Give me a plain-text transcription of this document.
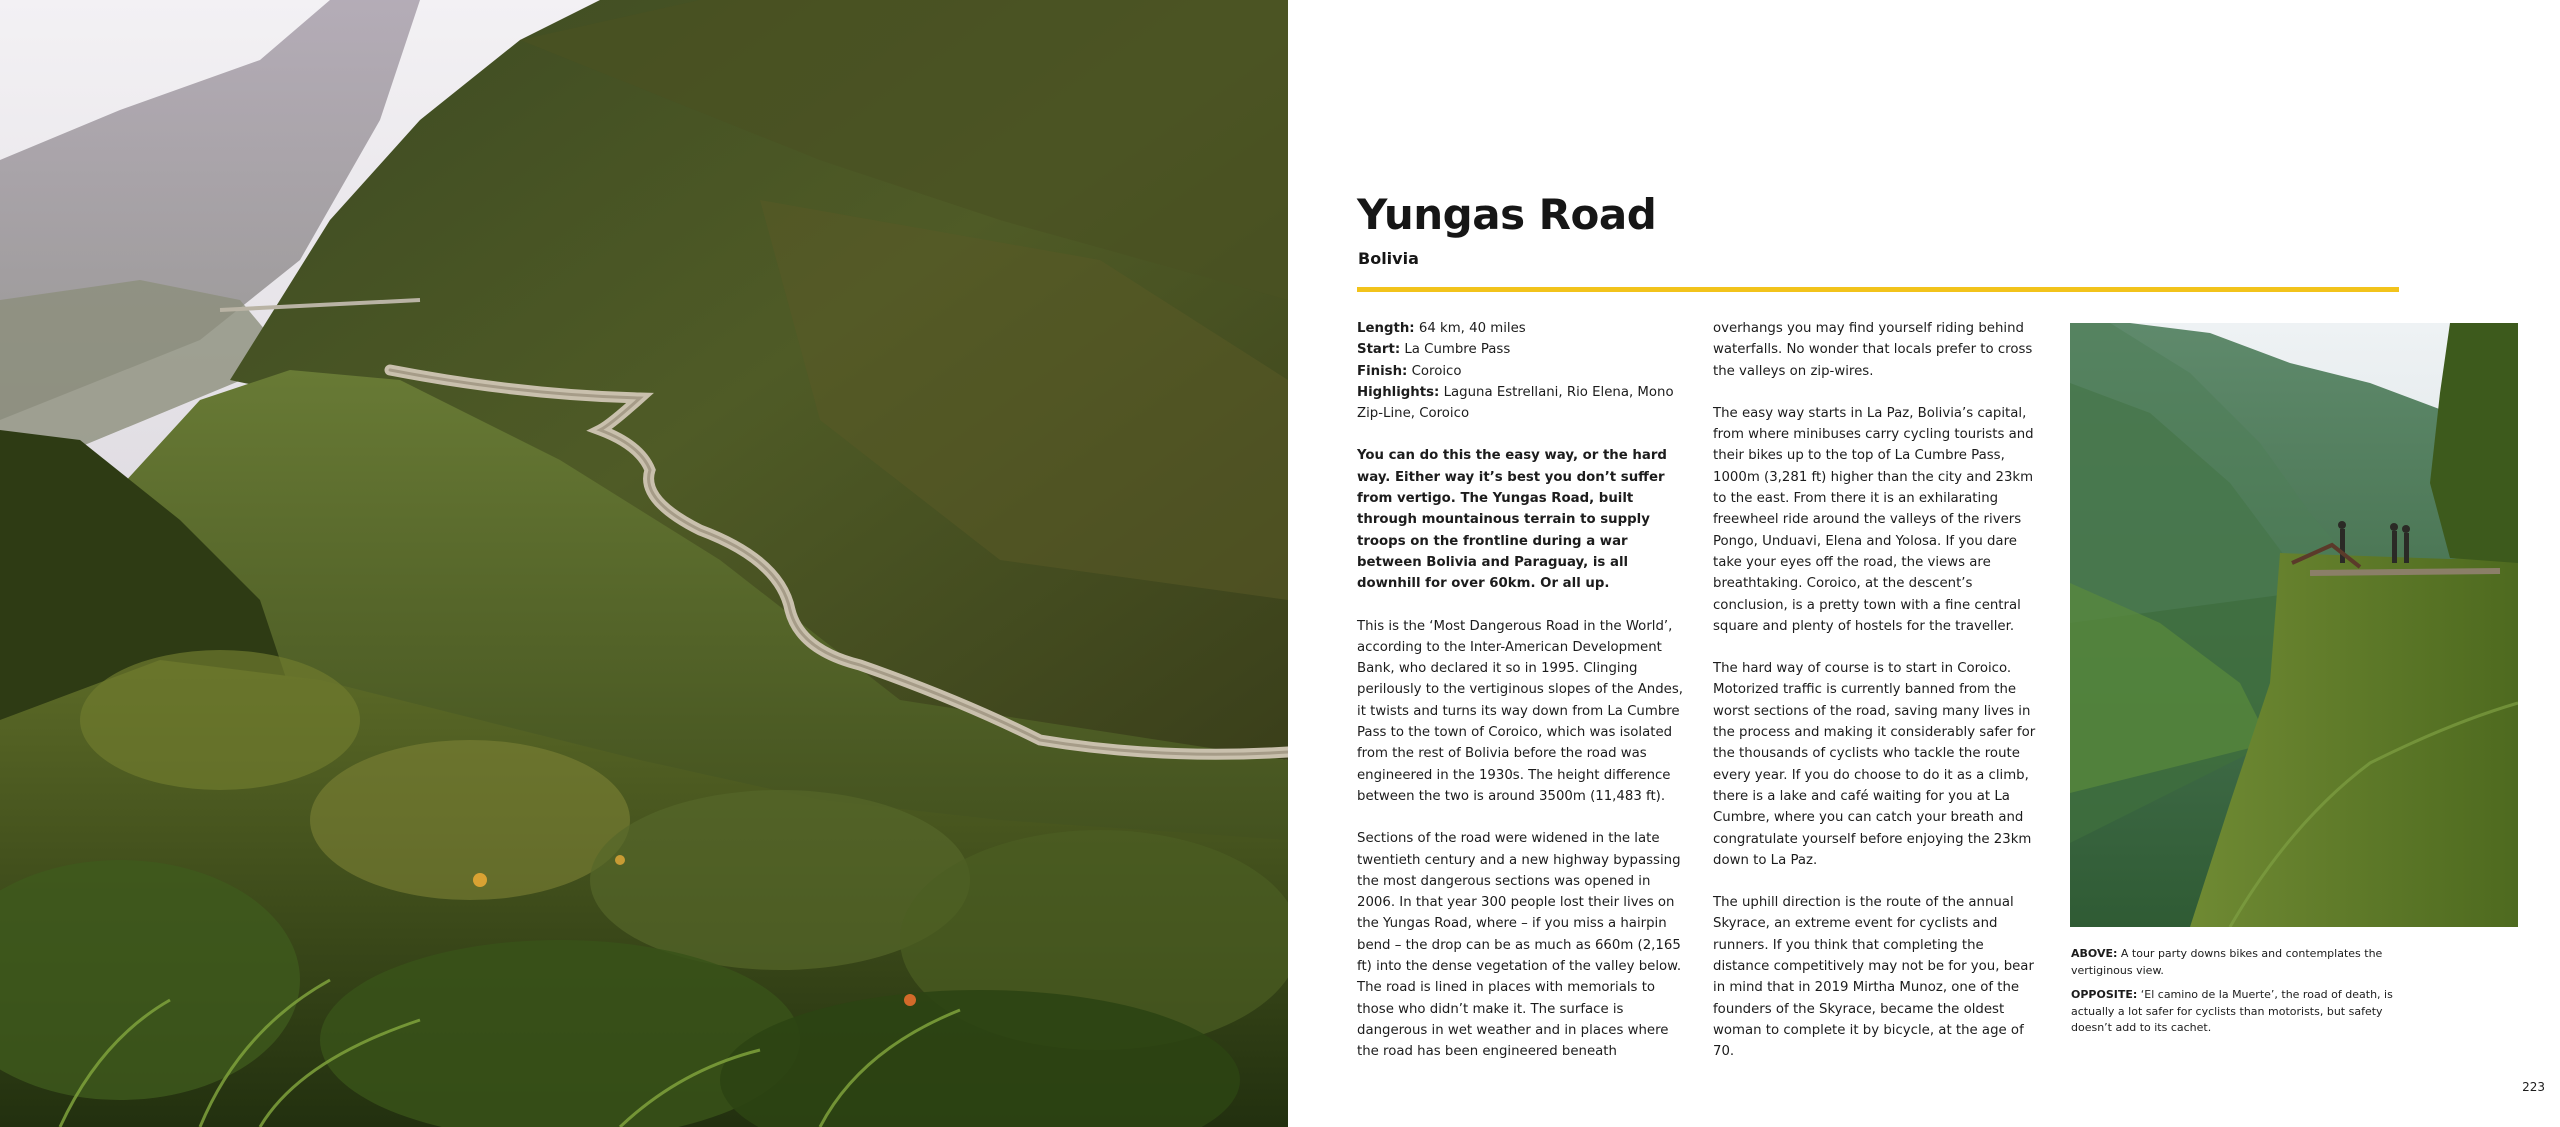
Yungas Road
Bolivia
Length: 64 km, 40 miles
Start: La Cumbre Pass
Finish: Coroico
Highlights: Laguna Estrellani, Rio Elena, Mono Zip-Line, Coroico

You can do this the easy way, or the hard way. Either way it’s best you don’t suffer from vertigo. The Yungas Road, built through mountainous terrain to supply troops on the frontline during a war between Bolivia and Paraguay, is all downhill for over 60km. Or all up.

This is the ‘Most Dangerous Road in the World’, according to the Inter-American Development Bank, who declared it so in 1995. Clinging perilously to the vertiginous slopes of the Andes, it twists and turns its way down from La Cumbre Pass to the town of Coroico, which was isolated from the rest of Bolivia before the road was engineered in the 1930s. The height difference between the two is around 3500m (11,483 ft).

Sections of the road were widened in the late twentieth century and a new highway bypassing the most dangerous sections was opened in 2006. In that year 300 people lost their lives on the Yungas Road, where – if you miss a hairpin bend – the drop can be as much as 660m (2,165 ft) into the dense vegetation of the valley below. The road is lined in places with memorials to those who didn’t make it. The surface is dangerous in wet weather and in places where the road has been engineered beneath

overhangs you may find yourself riding behind waterfalls. No wonder that locals prefer to cross the valleys on zip-wires.

The easy way starts in La Paz, Bolivia’s capital, from where minibuses carry cycling tourists and their bikes up to the top of La Cumbre Pass, 1000m (3,281 ft) higher than the city and 23km to the east. From there it is an exhilarating freewheel ride around the valleys of the rivers Pongo, Unduavi, Elena and Yolosa. If you dare take your eyes off the road, the views are breathtaking. Coroico, at the descent’s conclusion, is a pretty town with a fine central square and plenty of hostels for the traveller.

The hard way of course is to start in Coroico. Motorized traffic is currently banned from the worst sections of the road, saving many lives in the process and making it considerably safer for the thousands of cyclists who tackle the route every year. If you do choose to do it as a climb, there is a lake and café waiting for you at La Cumbre, where you can catch your breath and congratulate yourself before enjoying the 23km down to La Paz.

The uphill direction is the route of the annual Skyrace, an extreme event for cyclists and runners. If you think that completing the distance competitively may not be for you, bear in mind that in 2019 Mirtha Munoz, one of the founders of the Skyrace, became the oldest woman to complete it by bicycle, at the age of 70.

ABOVE: A tour party downs bikes and contemplates the vertiginous view.

OPPOSITE: ‘El camino de la Muerte’, the road of death, is actually a lot safer for cyclists than motorists, but safety doesn’t add to its cachet.

223
